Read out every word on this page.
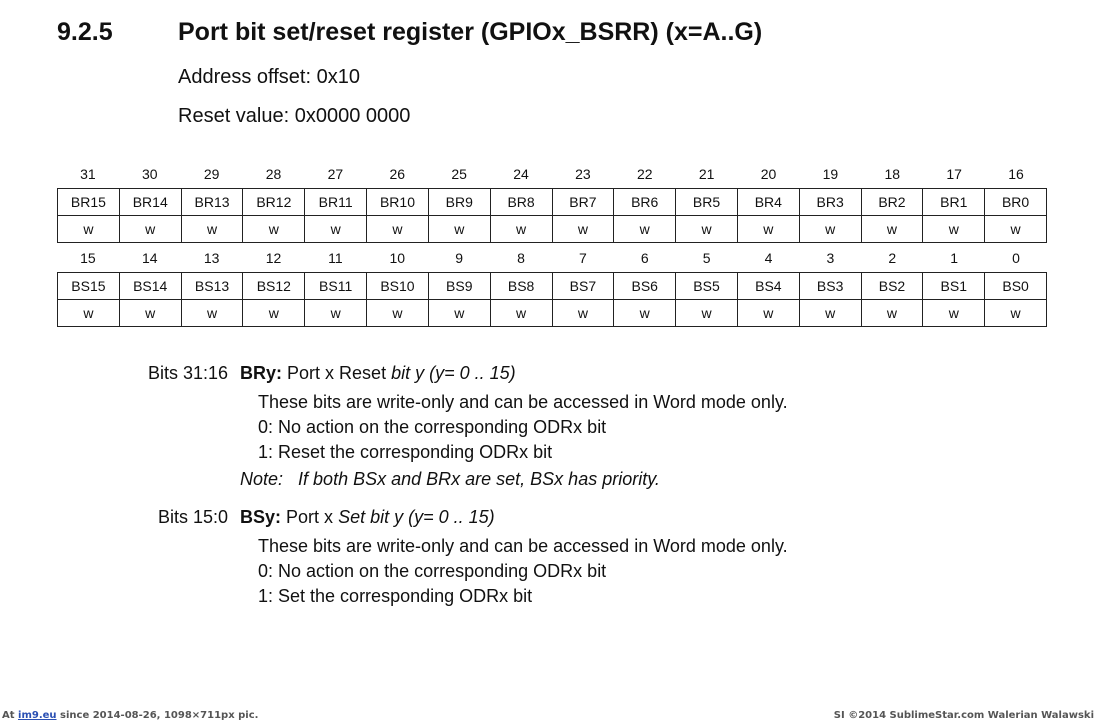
9.2.5	Port bit set/reset register (GPIOx_BSRR) (x=A..G)
Address offset: 0x10
Reset value: 0x0000 0000
31	30	29	28	27	26	25	24	23	22	21	20	19	18	17	16
BR15	BR14	BR13	BR12	BR11	BR10	BR9	BR8	BR7	BR6	BR5	BR4	BR3	BR2	BR1	BR0
w	w	w	w	w	w	w	w	w	w	w	w	w	w	w	w
15	14	13	12	11	10	9	8	7	6	5	4	3	2	1	0
BS15	BS14	BS13	BS12	BS11	BS10	BS9	BS8	BS7	BS6	BS5	BS4	BS3	BS2	BS1	BS0
w	w	w	w	w	w	w	w	w	w	w	w	w	w	w	w
Bits 31:16 BRy: Port x Reset bit y (y= 0 .. 15)
These bits are write-only and can be accessed in Word mode only.
0: No action on the corresponding ODRx bit
1: Reset the corresponding ODRx bit
Note: If both BSx and BRx are set, BSx has priority.
Bits 15:0 BSy: Port x Set bit y (y= 0 .. 15)
These bits are write-only and can be accessed in Word mode only.
0: No action on the corresponding ODRx bit
1: Set the corresponding ODRx bit
At im9.eu since 2014-08-26, 1098×711px pic.	SI ©2014 SublimeStar.com Walerian Walawski
